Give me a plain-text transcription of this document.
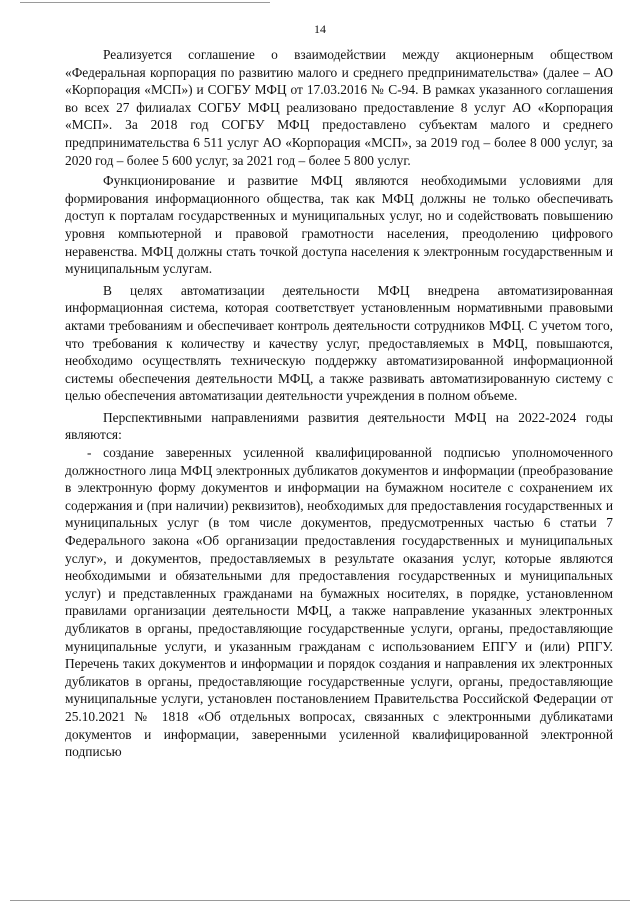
14

Реализуется соглашение о взаимодействии между акционерным обществом «Федеральная корпорация по развитию малого и среднего предпринимательства» (далее – АО «Корпорация «МСП») и СОГБУ МФЦ от 17.03.2016 № С-94. В рамках указанного соглашения во всех 27 филиалах СОГБУ МФЦ реализовано предоставление 8 услуг АО «Корпорация «МСП». За 2018 год СОГБУ МФЦ предоставлено субъектам малого и среднего предпринимательства 6 511 услуг АО «Корпорация «МСП», за 2019 год – более 8 000 услуг, за 2020 год – более 5 600 услуг, за 2021 год – более 5 800 услуг.

Функционирование и развитие МФЦ являются необходимыми условиями для формирования информационного общества, так как МФЦ должны не только обеспечивать доступ к порталам государственных и муниципальных услуг, но и содействовать повышению уровня компьютерной и правовой грамотности населения, преодолению цифрового неравенства. МФЦ должны стать точкой доступа населения к электронным государственным и муниципальным услугам.

В целях автоматизации деятельности МФЦ внедрена автоматизированная информационная система, которая соответствует установленным нормативными правовыми актами требованиям и обеспечивает контроль деятельности сотрудников МФЦ. С учетом того, что требования к количеству и качеству услуг, предоставляемых в МФЦ, повышаются, необходимо осуществлять техническую поддержку автоматизированной информационной системы обеспечения деятельности МФЦ, а также развивать автоматизированную систему с целью обеспечения автоматизации деятельности учреждения в полном объеме.

Перспективными направлениями развития деятельности МФЦ на 2022-2024 годы являются:

- создание заверенных усиленной квалифицированной подписью уполномоченного должностного лица МФЦ электронных дубликатов документов и информации (преобразование в электронную форму документов и информации на бумажном носителе с сохранением их содержания и (при наличии) реквизитов), необходимых для предоставления государственных и муниципальных услуг (в том числе документов, предусмотренных частью 6 статьи 7 Федерального закона «Об организации предоставления государственных и муниципальных услуг», и документов, предоставляемых в результате оказания услуг, которые являются необходимыми и обязательными для предоставления государственных и муниципальных услуг) и представленных гражданами на бумажных носителях, в порядке, установленном правилами организации деятельности МФЦ, а также направление указанных электронных дубликатов в органы, предоставляющие государственные услуги, органы, предоставляющие муниципальные услуги, и указанным гражданам с использованием ЕПГУ и (или) РПГУ. Перечень таких документов и информации и порядок создания и направления их электронных дубликатов в органы, предоставляющие государственные услуги, органы, предоставляющие муниципальные услуги, установлен постановлением Правительства Российской Федерации от 25.10.2021 № 1818 «Об отдельных вопросах, связанных с электронными дубликатами документов и информации, заверенными усиленной квалифицированной электронной подписью
